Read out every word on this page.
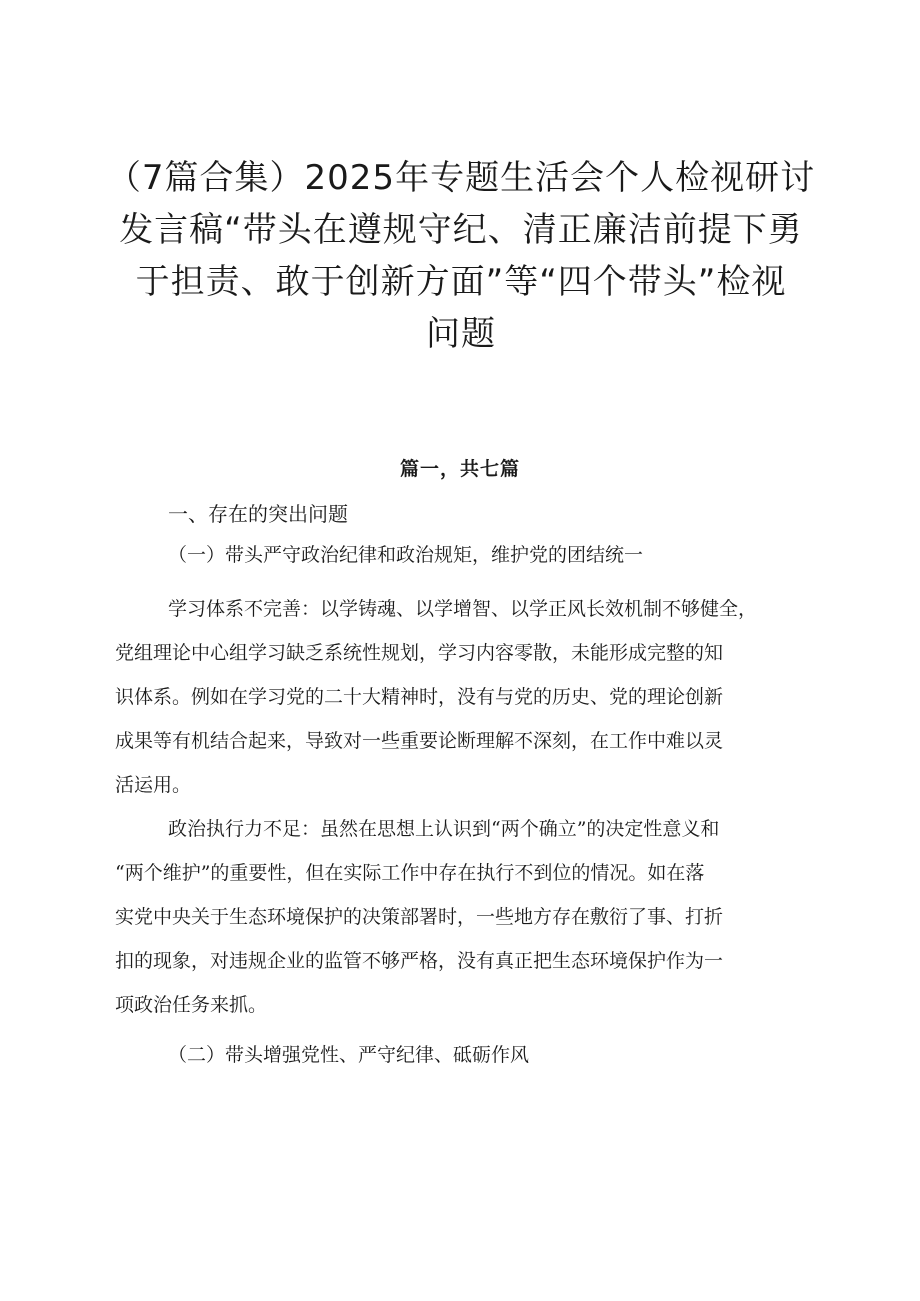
（7篇合集）2025年专题生活会个人检视研讨
发言稿“带头在遵规守纪、清正廉洁前提下勇
于担责、敢于创新方面”等“四个带头”检视
问题
篇一，共七篇
一、存在的突出问题
（一）带头严守政治纪律和政治规矩，维护党的团结统一

学习体系不完善：以学铸魂、以学增智、以学正风长效机制不够健全，
党组理论中心组学习缺乏系统性规划，学习内容零散，未能形成完整的知
识体系。例如在学习党的二十大精神时，没有与党的历史、党的理论创新
成果等有机结合起来，导致对一些重要论断理解不深刻，在工作中难以灵
活运用。

政治执行力不足：虽然在思想上认识到“两个确立”的决定性意义和
“两个维护”的重要性，但在实际工作中存在执行不到位的情况。如在落
实党中央关于生态环境保护的决策部署时，一些地方存在敷衍了事、打折
扣的现象，对违规企业的监管不够严格，没有真正把生态环境保护作为一
项政治任务来抓。

（二）带头增强党性、严守纪律、砥砺作风
